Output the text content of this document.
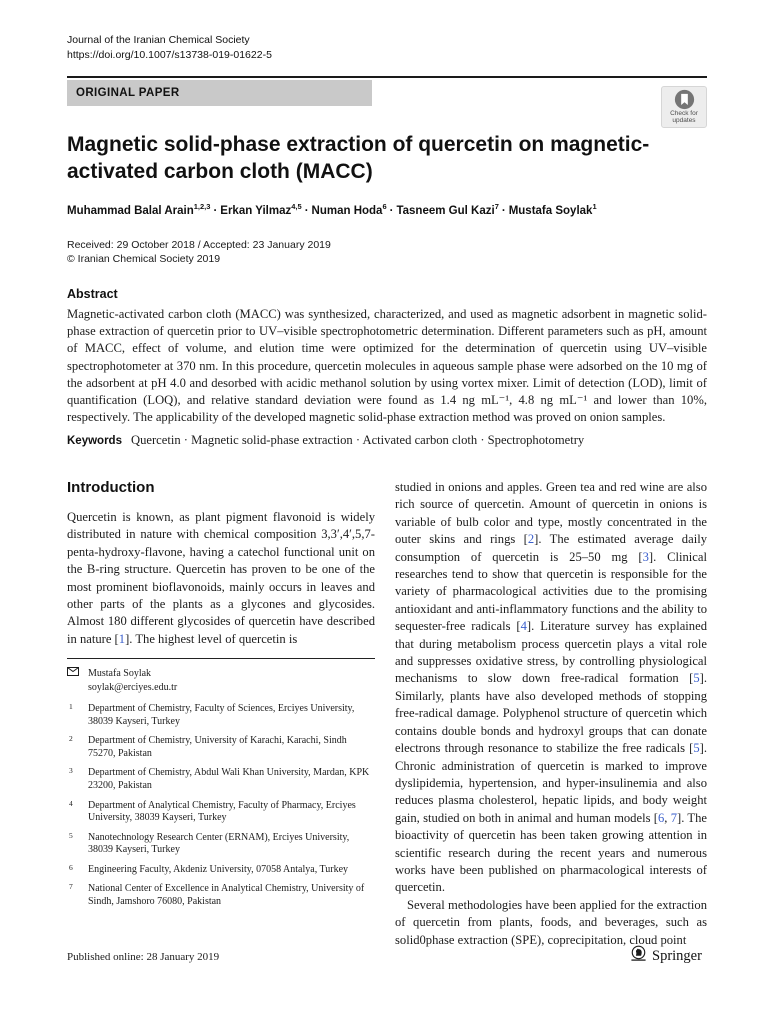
Journal of the Iranian Chemical Society
https://doi.org/10.1007/s13738-019-01622-5
ORIGINAL PAPER
Check for
updates
Magnetic solid-phase extraction of quercetin on magnetic-activated carbon cloth (MACC)
Muhammad Balal Arain$^{1,2,3}$ · Erkan Yilmaz$^{4,5}$ · Numan Hoda$^6$ · Tasneem Gul Kazi$^7$ · Mustafa Soylak$^1$
Received: 29 October 2018 / Accepted: 23 January 2019
© Iranian Chemical Society 2019
Abstract

Magnetic-activated carbon cloth (MACC) was synthesized, characterized, and used as magnetic adsorbent in magnetic solid-phase extraction of quercetin prior to UV–visible spectrophotometric determination. Different parameters such as pH, amount of MACC, effect of volume, and elution time were optimized for the determination of quercetin using UV–visible spectrophotometer at 370 nm. In this procedure, quercetin molecules in aqueous sample phase were adsorbed on the 10 mg of the adsorbent at pH 4.0 and desorbed with acidic methanol solution by using vortex mixer. Limit of detection (LOD), limit of quantification (LOQ), and relative standard deviation were found as 1.4 ng mL⁻¹, 4.8 ng mL⁻¹ and lower than 10%, respectively. The applicability of the developed magnetic solid-phase extraction method was proved on onion samples.

Keywords Quercetin · Magnetic solid-phase extraction · Activated carbon cloth · Spectrophotometry
Introduction

Quercetin is known, as plant pigment flavonoid is widely distributed in nature with chemical composition 3,3′,4′,5,7-penta-hydroxy-flavone, having a catechol functional unit on the B-ring structure. Quercetin has proven to be one of the most prominent bioflavonoids, mainly occurs in leaves and other parts of the plants as a glycones and glycosides. Almost 180 different glycosides of quercetin have described in nature [1]. The highest level of quercetin is

Mustafa Soylak
soylak@erciyes.edu.tr
1 Department of Chemistry, Faculty of Sciences, Erciyes University, 38039 Kayseri, Turkey
2 Department of Chemistry, University of Karachi, Karachi, Sindh 75270, Pakistan
3 Department of Chemistry, Abdul Wali Khan University, Mardan, KPK 23200, Pakistan
4 Department of Analytical Chemistry, Faculty of Pharmacy, Erciyes University, 38039 Kayseri, Turkey
5 Nanotechnology Research Center (ERNAM), Erciyes University, 38039 Kayseri, Turkey
6 Engineering Faculty, Akdeniz University, 07058 Antalya, Turkey
7 National Center of Excellence in Analytical Chemistry, University of Sindh, Jamshoro 76080, Pakistan

studied in onions and apples. Green tea and red wine are also rich source of quercetin. Amount of quercetin in onions is variable of bulb color and type, mostly concentrated in the outer skins and rings [2]. The estimated average daily consumption of quercetin is 25–50 mg [3]. Clinical researches tend to show that quercetin is responsible for the variety of pharmacological activities due to the promising antioxidant and anti-inflammatory functions and the ability to sequester-free radicals [4]. Literature survey has explained that during metabolism process quercetin plays a vital role and suppresses oxidative stress, by controlling physiological mechanisms to slow down free-radical formation [5]. Similarly, plants have also developed methods of stopping free-radical damage. Polyphenol structure of quercetin which contains double bonds and hydroxyl groups that can donate electrons through resonance to stabilize the free radicals [5]. Chronic administration of quercetin is marked to improve dyslipidemia, hypertension, and hyper-insulinemia and also reduces plasma cholesterol, hepatic lipids, and body weight gain, studied on both in animal and human models [6, 7]. The bioactivity of quercetin has been taken growing attention in scientific research during the recent years and numerous works have been published on pharmacological interests of quercetin.

Several methodologies have been applied for the extraction of quercetin from plants, foods, and beverages, such as solid0phase extraction (SPE), coprecipitation, cloud point

Published online: 28 January 2019	Springer
